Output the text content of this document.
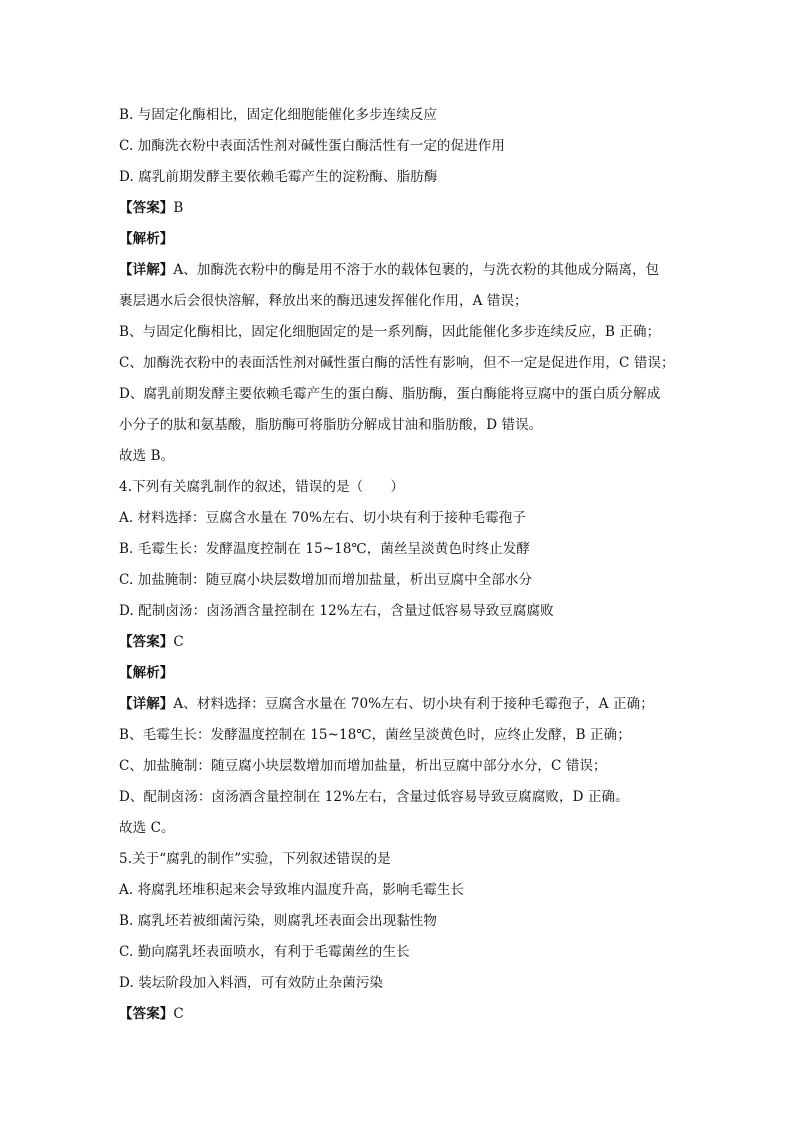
B. 与固定化酶相比，固定化细胞能催化多步连续反应
C. 加酶洗衣粉中表面活性剂对碱性蛋白酶活性有一定的促进作用
D. 腐乳前期发酵主要依赖毛霉产生的淀粉酶、脂肪酶
【答案】B
【解析】
【详解】A、加酶洗衣粉中的酶是用不溶于水的载体包裹的，与洗衣粉的其他成分隔离，包
裹层遇水后会很快溶解，释放出来的酶迅速发挥催化作用，A 错误；
B、与固定化酶相比，固定化细胞固定的是一系列酶，因此能催化多步连续反应，B 正确；
C、加酶洗衣粉中的表面活性剂对碱性蛋白酶的活性有影响，但不一定是促进作用，C 错误；
D、腐乳前期发酵主要依赖毛霉产生的蛋白酶、脂肪酶，蛋白酶能将豆腐中的蛋白质分解成
小分子的肽和氨基酸，脂肪酶可将脂肪分解成甘油和脂肪酸，D 错误。
故选 B。
4.下列有关腐乳制作的叙述，错误的是（　　）
A. 材料选择：豆腐含水量在 70%左右、切小块有利于接种毛霉孢子
B. 毛霉生长：发酵温度控制在 15~18℃，菌丝呈淡黄色时终止发酵
C. 加盐腌制：随豆腐小块层数增加而增加盐量，析出豆腐中全部水分
D. 配制卤汤：卤汤酒含量控制在 12%左右，含量过低容易导致豆腐腐败
【答案】C
【解析】
【详解】A、材料选择：豆腐含水量在 70%左右、切小块有利于接种毛霉孢子，A 正确；
B、毛霉生长：发酵温度控制在 15~18℃，菌丝呈淡黄色时，应终止发酵，B 正确；
C、加盐腌制：随豆腐小块层数增加而增加盐量，析出豆腐中部分水分，C 错误；
D、配制卤汤：卤汤酒含量控制在 12%左右，含量过低容易导致豆腐腐败，D 正确。
故选 C。
5.关于“腐乳的制作”实验，下列叙述错误的是
A. 将腐乳坯堆积起来会导致堆内温度升高，影响毛霉生长
B. 腐乳坯若被细菌污染，则腐乳坯表面会出现黏性物
C. 勤向腐乳坯表面喷水，有利于毛霉菌丝的生长
D. 装坛阶段加入料酒，可有效防止杂菌污染
【答案】C
